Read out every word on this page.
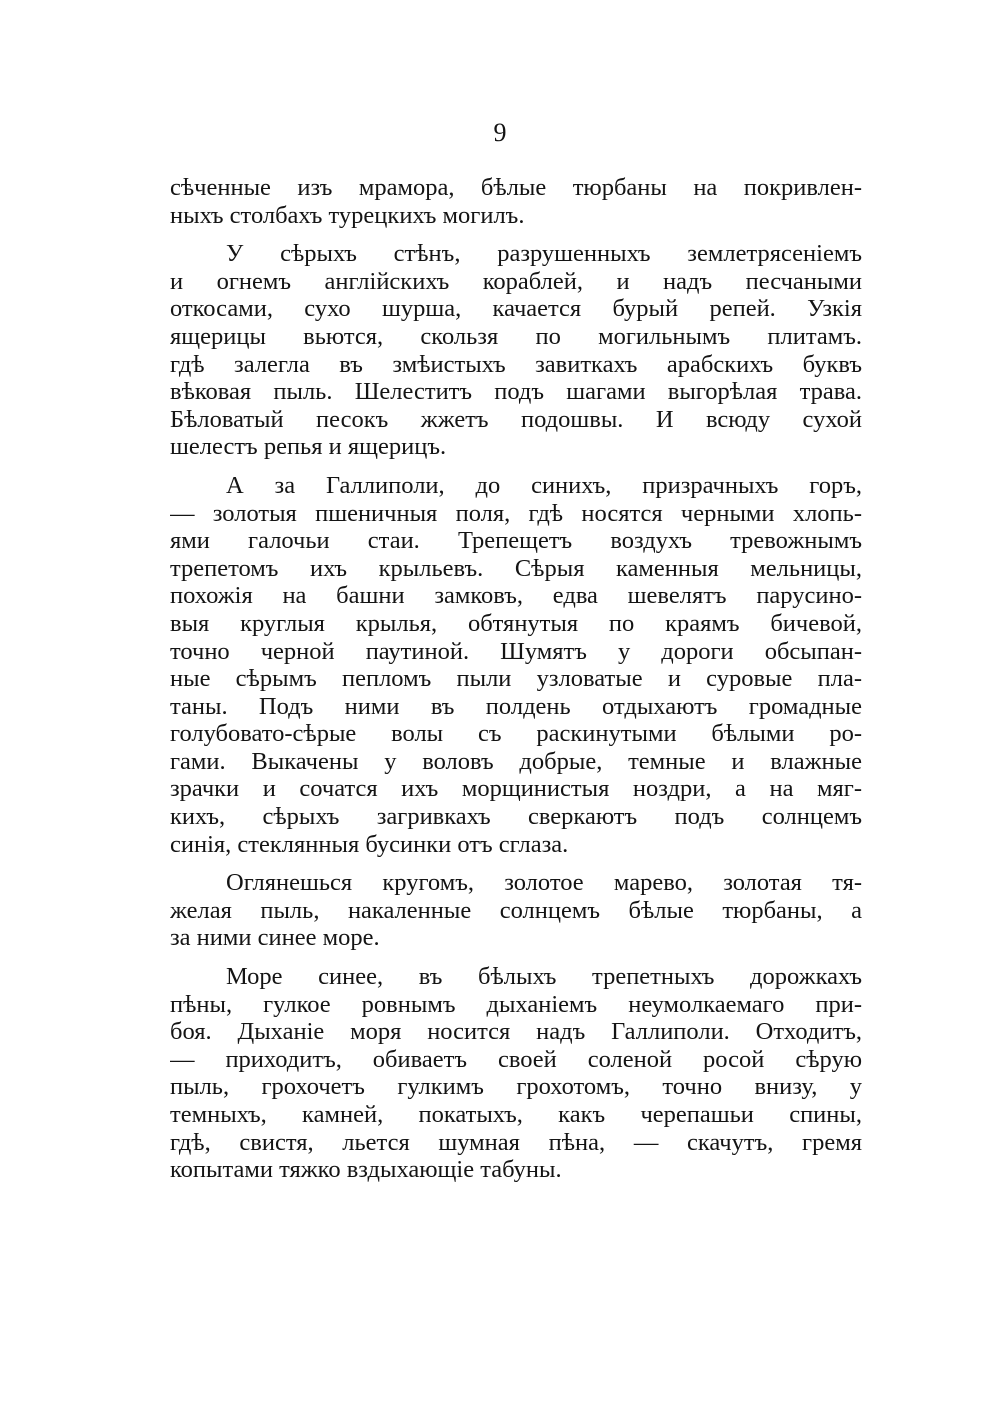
9
сѣченные изъ мрамора, бѣлые тюрбаны на покривлен-
ныхъ столбахъ турецкихъ могилъ.
У сѣрыхъ стѣнъ, разрушенныхъ землетрясеніемъ
и огнемъ англійскихъ кораблей, и надъ песчаными
откосами, сухо шурша, качается бурый репей. Узкія
ящерицы вьются, скользя по могильнымъ плитамъ.
гдѣ залегла въ змѣистыхъ завиткахъ арабскихъ буквъ
вѣковая пыль. Шелеститъ подъ шагами выгорѣлая трава.
Бѣловатый песокъ жжетъ подошвы. И всюду сухой
шелестъ репья и ящерицъ.
А за Галлиполи, до синихъ, призрачныхъ горъ,
— золотыя пшеничныя поля, гдѣ носятся черными хлопь-
ями галочьи стаи. Трепещетъ воздухъ тревожнымъ
трепетомъ ихъ крыльевъ. Сѣрыя каменныя мельницы,
похожія на башни замковъ, едва шевелятъ парусино-
выя круглыя крылья, обтянутыя по краямъ бичевой,
точно черной паутиной. Шумятъ у дороги обсыпан-
ные сѣрымъ пепломъ пыли узловатые и суровые пла-
таны. Подъ ними въ полдень отдыхаютъ громадные
голубовато-сѣрые волы съ раскинутыми бѣлыми ро-
гами. Выкачены у воловъ добрые, темные и влажные
зрачки и сочатся ихъ морщинистыя ноздри, а на мяг-
кихъ, сѣрыхъ загривкахъ сверкаютъ подъ солнцемъ
синія, стеклянныя бусинки отъ сглаза.
Оглянешься кругомъ, золотое марево, золотая тя-
желая пыль, накаленные солнцемъ бѣлые тюрбаны, а
за ними синее море.
Море синее, въ бѣлыхъ трепетныхъ дорожкахъ
пѣны, гулкое ровнымъ дыханіемъ неумолкаемаго при-
боя. Дыханіе моря носится надъ Галлиполи. Отходитъ,
— приходитъ, обиваетъ своей соленой росой сѣрую
пыль, грохочетъ гулкимъ грохотомъ, точно внизу, у
темныхъ, камней, покатыхъ, какъ черепашьи спины,
гдѣ, свистя, льется шумная пѣна, — скачутъ, гремя
копытами тяжко вздыхающіе табуны.
